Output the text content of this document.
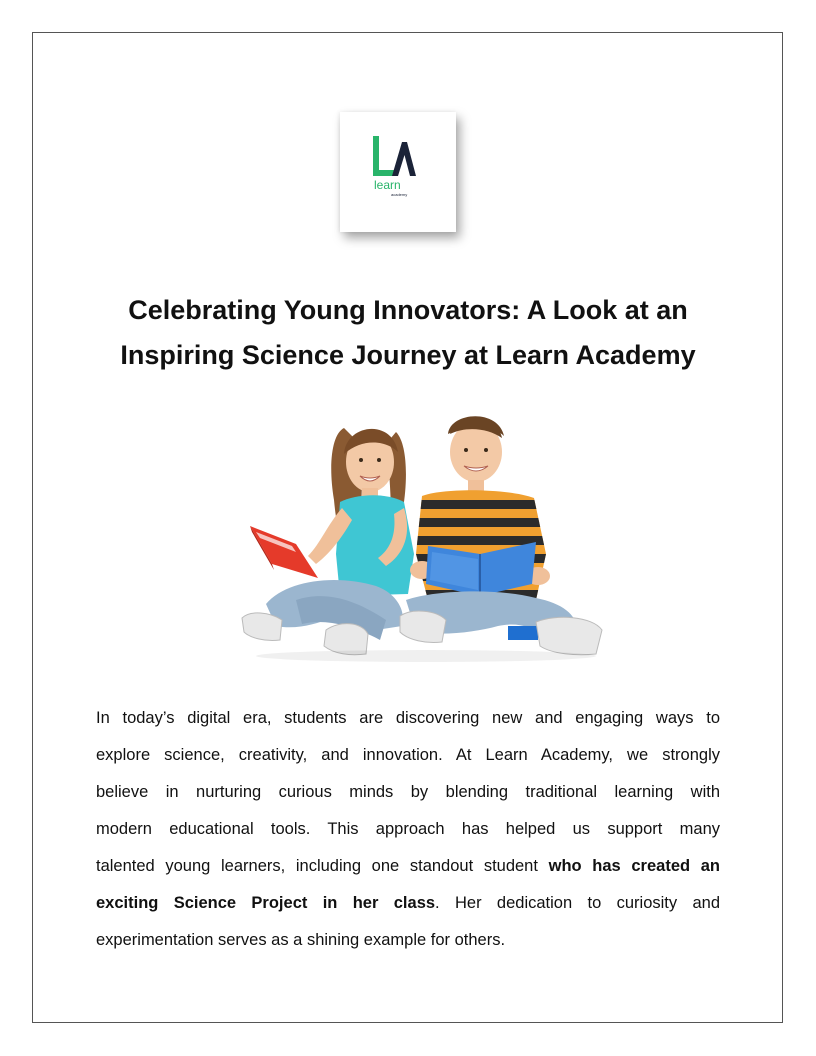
learn
academy
Celebrating Young Innovators: A Look at an
Inspiring Science Journey at Learn Academy

In today’s digital era, students are discovering new and engaging ways to
explore science, creativity, and innovation. At Learn Academy, we strongly
believe in nurturing curious minds by blending traditional learning with
modern educational tools. This approach has helped us support many
talented young learners, including one standout student who has created an
exciting Science Project in her class. Her dedication to curiosity and
experimentation serves as a shining example for others.
